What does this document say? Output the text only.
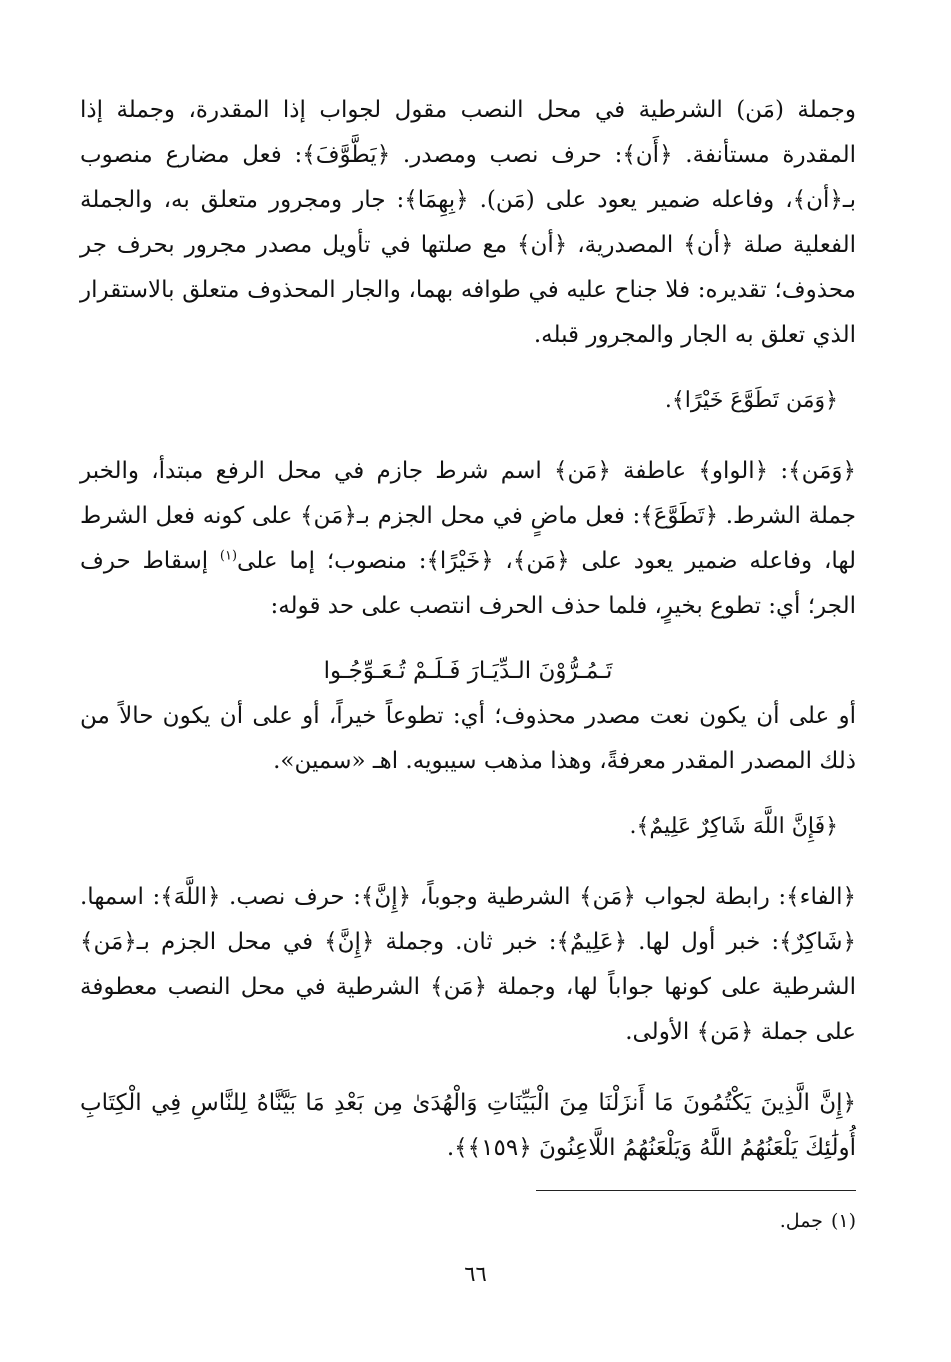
وجملة (مَن) الشرطية في محل النصب مقول لجواب إذا المقدرة، وجملة إذا المقدرة مستأنفة. ﴿أَن﴾: حرف نصب ومصدر. ﴿يَطَّوَّفَ﴾: فعل مضارع منصوب بـ﴿أن﴾، وفاعله ضمير يعود على (مَن). ﴿بِهِمَا﴾: جار ومجرور متعلق به، والجملة الفعلية صلة ﴿أن﴾ المصدرية، ﴿أن﴾ مع صلتها في تأويل مصدر مجرور بحرف جر محذوف؛ تقديره: فلا جناح عليه في طوافه بهما، والجار المحذوف متعلق بالاستقرار الذي تعلق به الجار والمجرور قبله.

﴿وَمَن تَطَوَّعَ خَيْرًا﴾.

﴿وَمَن﴾: ﴿الواو﴾ عاطفة ﴿مَن﴾ اسم شرط جازم في محل الرفع مبتدأ، والخبر جملة الشرط. ﴿تَطَوَّعَ﴾: فعل ماضٍ في محل الجزم بـ﴿مَن﴾ على كونه فعل الشرط لها، وفاعله ضمير يعود على ﴿مَن﴾، ﴿خَيْرًا﴾: منصوب؛ إما على$^{(١)}$ إسقاط حرف الجر؛ أي: تطوع بخيرٍ، فلما حذف الحرف انتصب على حد قوله:

تَـمُـرُّوْنَ الـدِّيَـارَ فَـلَـمْ تُـعَـوِّجُـوا

أو على أن يكون نعت مصدر محذوف؛ أي: تطوعاً خيراً، أو على أن يكون حالاً من ذلك المصدر المقدر معرفةً، وهذا مذهب سيبويه. اهـ «سمين».

﴿فَإِنَّ اللَّهَ شَاكِرٌ عَلِيمٌ﴾.

﴿الفاء﴾: رابطة لجواب ﴿مَن﴾ الشرطية وجوباً، ﴿إِنَّ﴾: حرف نصب. ﴿اللَّهَ﴾: اسمها. ﴿شَاكِرٌ﴾: خبر أول لها. ﴿عَلِيمٌ﴾: خبر ثان. وجملة ﴿إِنَّ﴾ في محل الجزم بـ﴿مَن﴾ الشرطية على كونها جواباً لها، وجملة ﴿مَن﴾ الشرطية في محل النصب معطوفة على جملة ﴿مَن﴾ الأولى.

﴿إِنَّ الَّذِينَ يَكْتُمُونَ مَا أَنزَلْنَا مِنَ الْبَيِّنَاتِ وَالْهُدَىٰ مِن بَعْدِ مَا بَيَّنَّاهُ لِلنَّاسِ فِي الْكِتَابِ أُولَٰئِكَ يَلْعَنُهُمُ اللَّهُ وَيَلْعَنُهُمُ اللَّاعِنُونَ ﴿١٥٩﴾﴾.

(١)جمل.
٦٦
